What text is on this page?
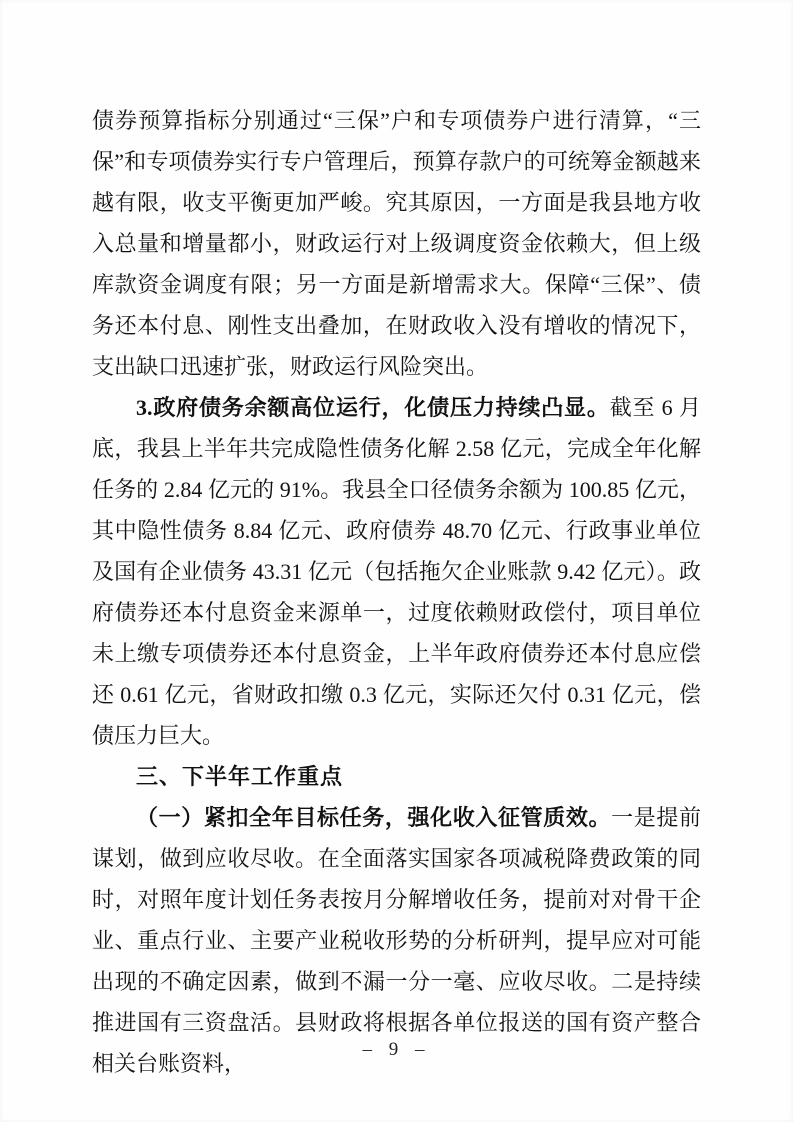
债券预算指标分别通过“三保”户和专项债券户进行清算，“三保”和专项债券实行专户管理后，预算存款户的可统筹金额越来越有限，收支平衡更加严峻。究其原因，一方面是我县地方收入总量和增量都小，财政运行对上级调度资金依赖大，但上级库款资金调度有限；另一方面是新增需求大。保障“三保”、债务还本付息、刚性支出叠加，在财政收入没有增收的情况下，支出缺口迅速扩张，财政运行风险突出。

3.政府债务余额高位运行，化债压力持续凸显。截至 6 月底，我县上半年共完成隐性债务化解 2.58 亿元，完成全年化解任务的 2.84 亿元的 91%。我县全口径债务余额为 100.85 亿元，其中隐性债务 8.84 亿元、政府债券 48.70 亿元、行政事业单位及国有企业债务 43.31 亿元（包括拖欠企业账款 9.42 亿元）。政府债券还本付息资金来源单一，过度依赖财政偿付，项目单位未上缴专项债券还本付息资金，上半年政府债券还本付息应偿还 0.61 亿元，省财政扣缴 0.3 亿元，实际还欠付 0.31 亿元，偿债压力巨大。

三、下半年工作重点

（一）紧扣全年目标任务，强化收入征管质效。一是提前谋划，做到应收尽收。在全面落实国家各项减税降费政策的同时，对照年度计划任务表按月分解增收任务，提前对对骨干企业、重点行业、主要产业税收形势的分析研判，提早应对可能出现的不确定因素，做到不漏一分一毫、应收尽收。二是持续推进国有三资盘活。县财政将根据各单位报送的国有资产整合相关台账资料，

– 9 –
